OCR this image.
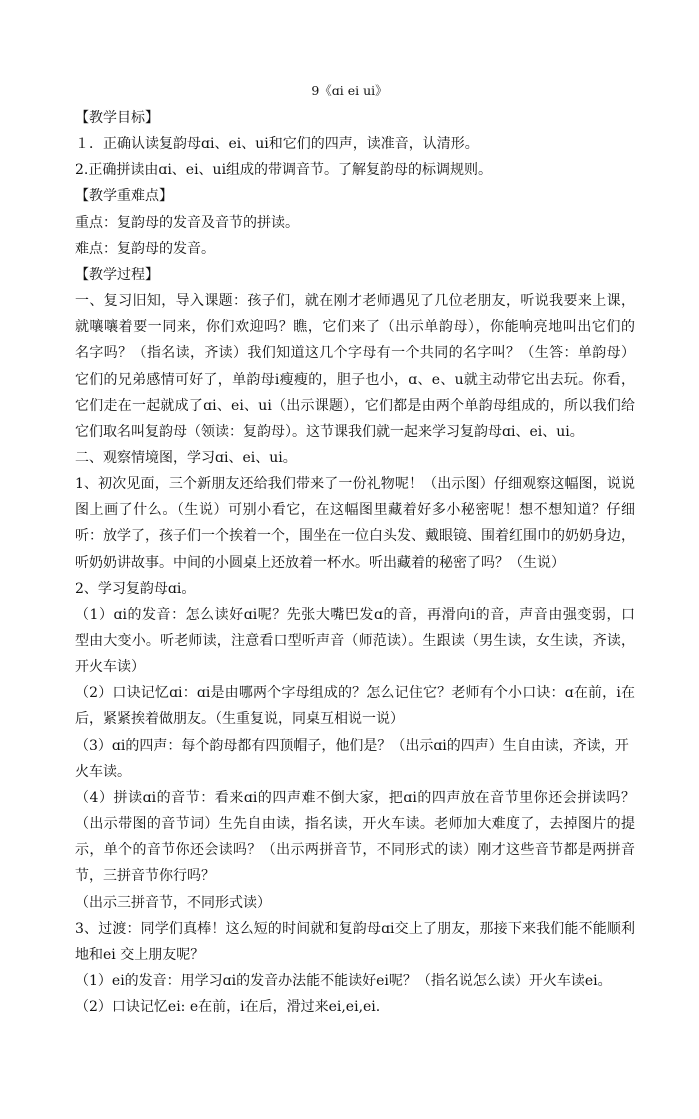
9《ɑi ei ui》
【教学目标】
１．正确认读复韵母ɑi、ei、ui和它们的四声，读准音，认清形。
2.正确拼读由ɑi、ei、ui组成的带调音节。了解复韵母的标调规则。
【教学重难点】
重点：复韵母的发音及音节的拼读。
难点：复韵母的发音。
【教学过程】
一、复习旧知，导入课题：孩子们，就在刚才老师遇见了几位老朋友，听说我要来上课，
就嚷嚷着要一同来，你们欢迎吗？瞧，它们来了（出示单韵母），你能响亮地叫出它们的
名字吗？（指名读，齐读）我们知道这几个字母有一个共同的名字叫？（生答：单韵母）
它们的兄弟感情可好了，单韵母i瘦瘦的，胆子也小，ɑ、e、u就主动带它出去玩。你看，
它们走在一起就成了ɑi、ei、ui（出示课题），它们都是由两个单韵母组成的，所以我们给
它们取名叫复韵母（领读：复韵母）。这节课我们就一起来学习复韵母ɑi、ei、ui。
二、观察情境图，学习ɑi、ei、ui。
1、初次见面，三个新朋友还给我们带来了一份礼物呢！（出示图）仔细观察这幅图，说说
图上画了什么。（生说）可别小看它，在这幅图里藏着好多小秘密呢！想不想知道？仔细
听：放学了，孩子们一个挨着一个，围坐在一位白头发、戴眼镜、围着红围巾的奶奶身边，
听奶奶讲故事。中间的小圆桌上还放着一杯水。听出藏着的秘密了吗？（生说）
2、学习复韵母ɑi。
（1）ɑi的发音：怎么读好ɑi呢？先张大嘴巴发ɑ的音，再滑向i的音，声音由强变弱，口
型由大变小。听老师读，注意看口型听声音（师范读）。生跟读（男生读，女生读，齐读，
开火车读）
（2）口诀记忆ɑi：ɑi是由哪两个字母组成的？怎么记住它？老师有个小口诀：ɑ在前，i在
后，紧紧挨着做朋友。（生重复说，同桌互相说一说）
（3）ɑi的四声：每个韵母都有四顶帽子，他们是？（出示ɑi的四声）生自由读，齐读，开
火车读。
（4）拼读ɑi的音节：看来ɑi的四声难不倒大家，把ɑi的四声放在音节里你还会拼读吗？
（出示带图的音节词）生先自由读，指名读，开火车读。老师加大难度了，去掉图片的提
示，单个的音节你还会读吗？（出示两拼音节，不同形式的读）刚才这些音节都是两拼音
节，三拼音节你行吗？
（出示三拼音节，不同形式读）
3、过渡：同学们真棒！这么短的时间就和复韵母ɑi交上了朋友，那接下来我们能不能顺利
地和ei 交上朋友呢？
（1）ei的发音：用学习ɑi的发音办法能不能读好ei呢？（指名说怎么读）开火车读ei。
（2）口诀记忆ei: e在前，i在后，滑过来ei,ei,ei.
